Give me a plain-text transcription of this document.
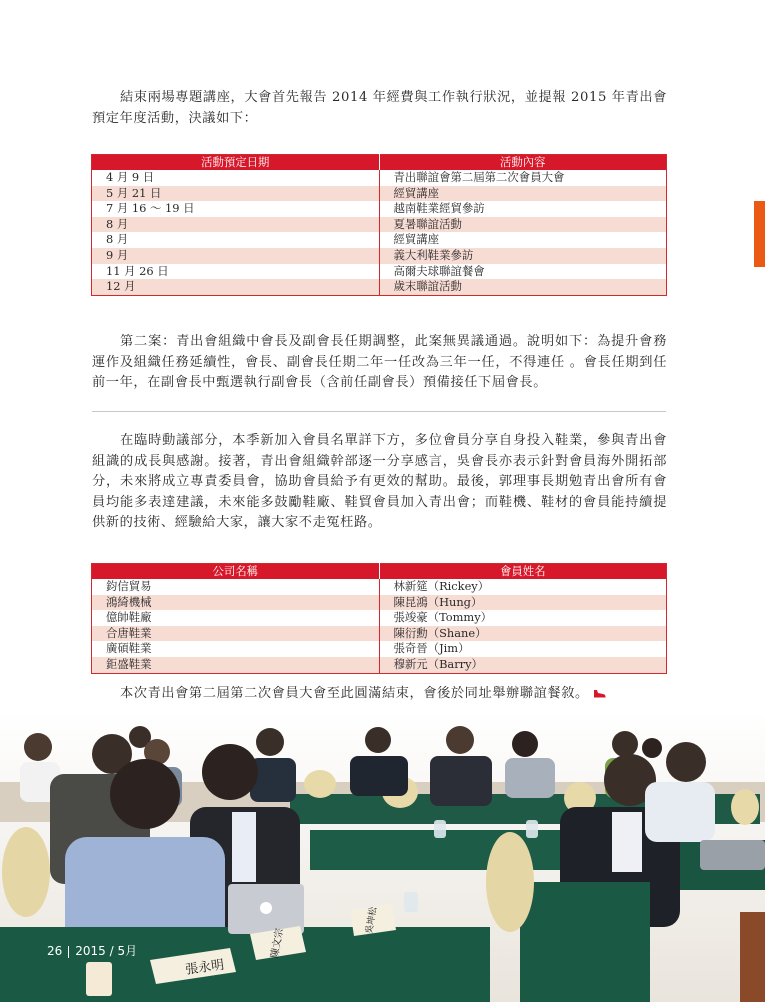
結束兩場專題講座，大會首先報告 2014 年經費與工作執行狀況，並提報 2015 年青出會預定年度活動，決議如下：

活動預定日期	活動內容
4 月 9 日	青出聯誼會第二屆第二次會員大會
5 月 21 日	經貿講座
7 月 16 ～ 19 日	越南鞋業經貿參訪
8 月	夏暑聯誼活動
8 月	經貿講座
9 月	義大利鞋業參訪
11 月 26 日	高爾夫球聯誼餐會
12 月	歲末聯誼活動

第二案：青出會組織中會長及副會長任期調整，此案無異議通過。說明如下：為提升會務運作及組織任務延續性，會長、副會長任期二年一任改為三年一任，不得連任 。會長任期到任前一年，在副會長中甄選執行副會長（含前任副會長）預備接任下屆會長。

在臨時動議部分，本季新加入會員名單詳下方，多位會員分享自身投入鞋業，參與青出會組識的成長與感謝。接著，青出會組織幹部逐一分享感言，吳會長亦表示針對會員海外開拓部分，未來將成立專責委員會，協助會員給予有更效的幫助。最後，郭理事長期勉青出會所有會員均能多表達建議，未來能多鼓勵鞋廠、鞋貿會員加入青出會；而鞋機、鞋材的會員能持續提供新的技術、經驗給大家，讓大家不走冤枉路。

公司名稱	會員姓名
鈞信貿易	林新筵（Rickey）
鴻綺機械	陳昆鴻（Hung）
億帥鞋廠	張竣豪（Tommy）
合唐鞋業	陳衍勳（Shane）
廣碩鞋業	張奇晉（Jim）
鉅盛鞋業	穆新元（Barry）

本次青出會第二屆第二次會員大會至此圓滿結束，會後於同址舉辦聯誼餐敘。

張永明
陳文宗
吳坤松
26 2015 / 5月
